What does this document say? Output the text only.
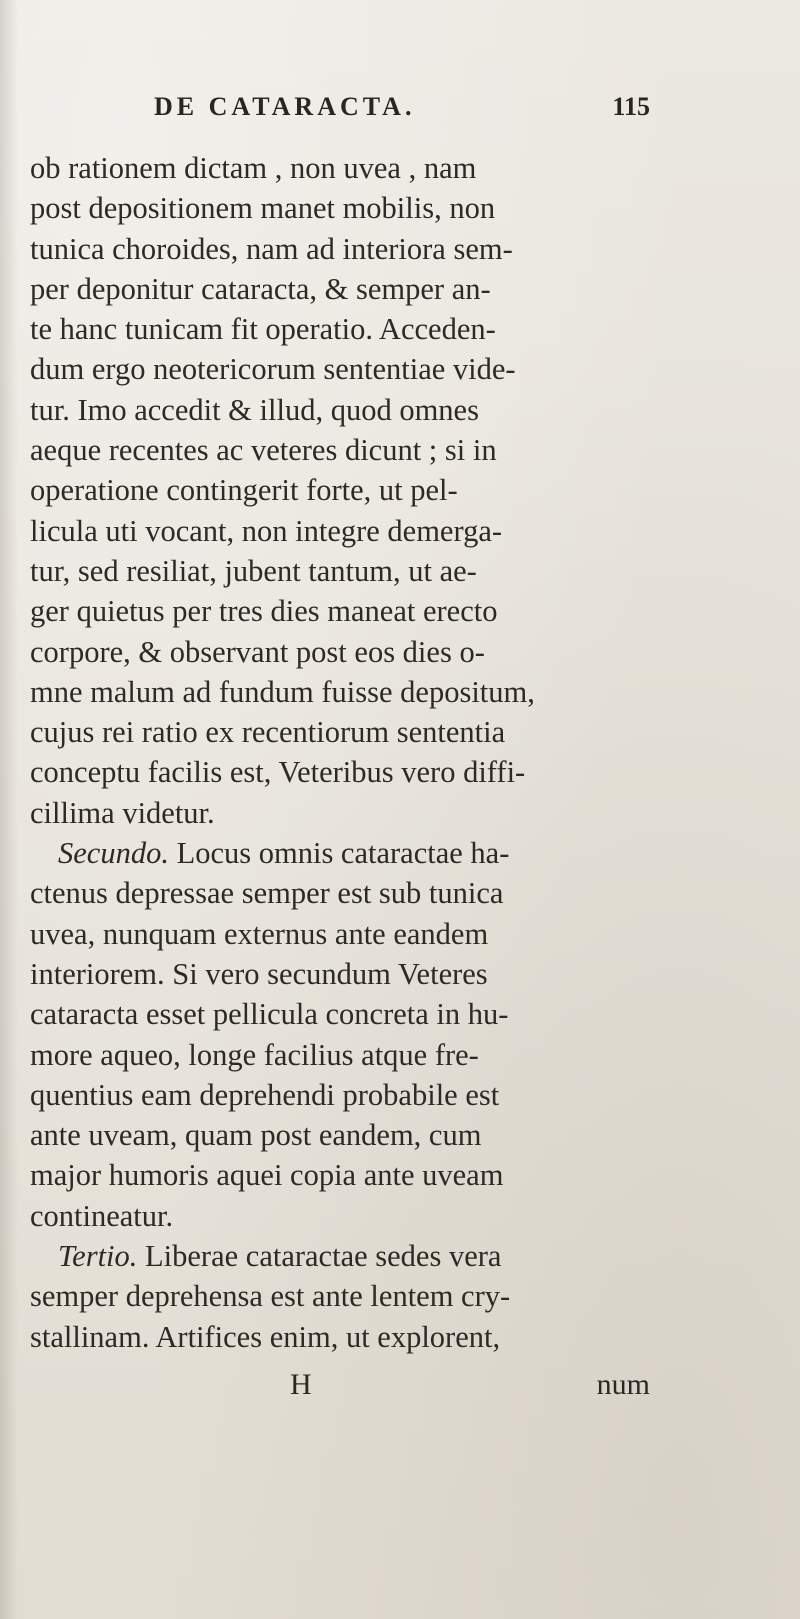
DE CATARACTA.	115
ob rationem dictam , non uvea , nam
post depositionem manet mobilis, non
tunica choroides, nam ad interiora sem-
per deponitur cataracta, & semper an-
te hanc tunicam fit operatio. Acceden-
dum ergo neotericorum sententiae vide-
tur. Imo accedit & illud, quod omnes
aeque recentes ac veteres dicunt ; si in
operatione contingerit forte, ut pel-
licula uti vocant, non integre demerga-
tur, sed resiliat, jubent tantum, ut ae-
ger quietus per tres dies maneat erecto
corpore, & observant post eos dies o-
mne malum ad fundum fuisse depositum,
cujus rei ratio ex recentiorum sententia
conceptu facilis est, Veteribus vero diffi-
cillima videtur.
Secundo. Locus omnis cataractae ha-
ctenus depressae semper est sub tunica
uvea, nunquam externus ante eandem
interiorem. Si vero secundum Veteres
cataracta esset pellicula concreta in hu-
more aqueo, longe facilius atque fre-
quentius eam deprehendi probabile est
ante uveam, quam post eandem, cum
major humoris aquei copia ante uveam
contineatur.
Tertio. Liberae cataractae sedes vera
semper deprehensa est ante lentem cry-
stallinam. Artifices enim, ut explorent,
H	num
